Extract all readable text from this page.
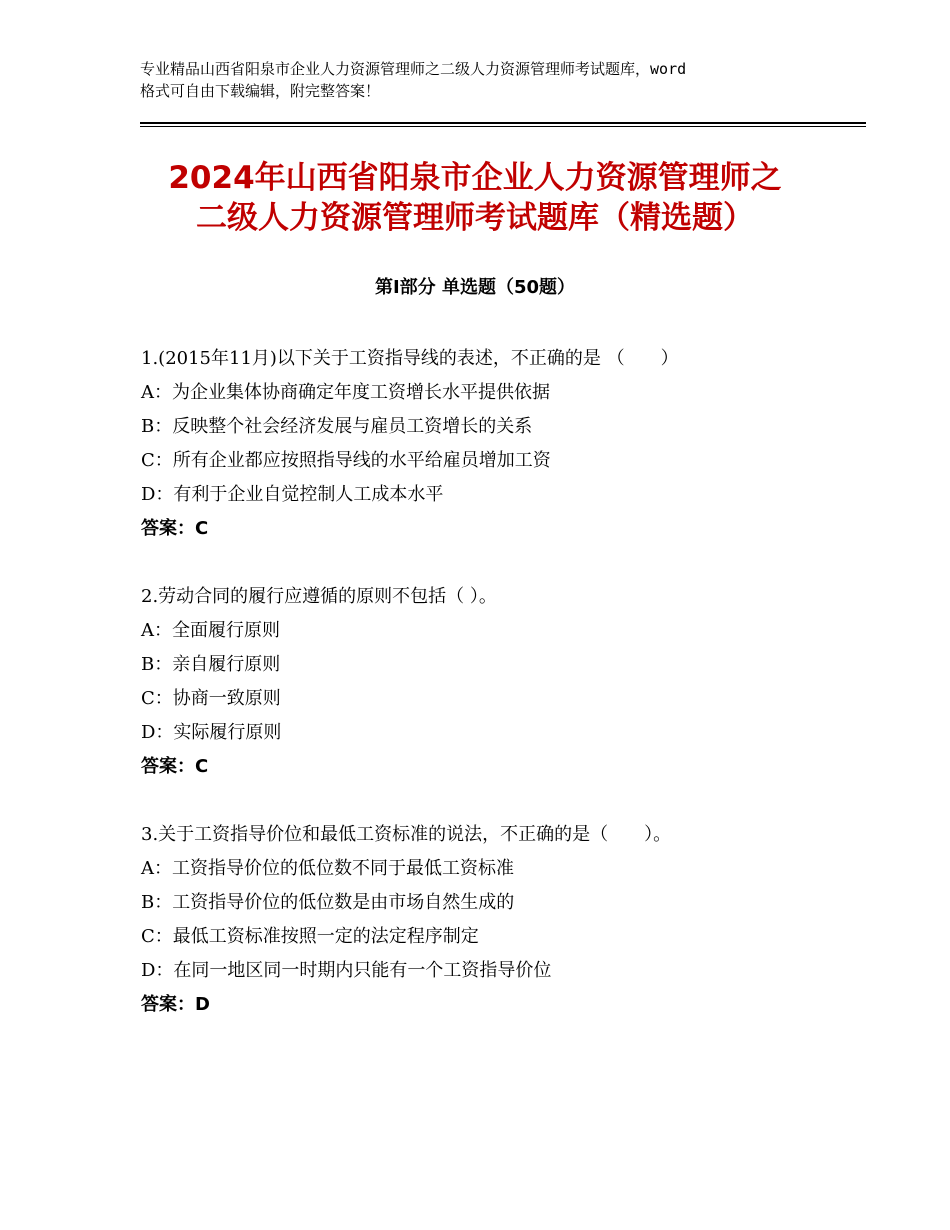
专业精品山西省阳泉市企业人力资源管理师之二级人力资源管理师考试题库，word
格式可自由下载编辑，附完整答案！
2024年山西省阳泉市企业人力资源管理师之
二级人力资源管理师考试题库（精选题）
第Ⅰ部分 单选题（50题）
1.(2015年11月)以下关于工资指导线的表述，不正确的是 （　　）
A：为企业集体协商确定年度工资增长水平提供依据
B：反映整个社会经济发展与雇员工资增长的关系
C：所有企业都应按照指导线的水平给雇员增加工资
D：有利于企业自觉控制人工成本水平
答案：C
2.劳动合同的履行应遵循的原则不包括（ ）。
A：全面履行原则
B：亲自履行原则
C：协商一致原则
D：实际履行原则
答案：C
3.关于工资指导价位和最低工资标准的说法，不正确的是（　　）。
A：工资指导价位的低位数不同于最低工资标准
B：工资指导价位的低位数是由市场自然生成的
C：最低工资标准按照一定的法定程序制定
D：在同一地区同一时期内只能有一个工资指导价位
答案：D
